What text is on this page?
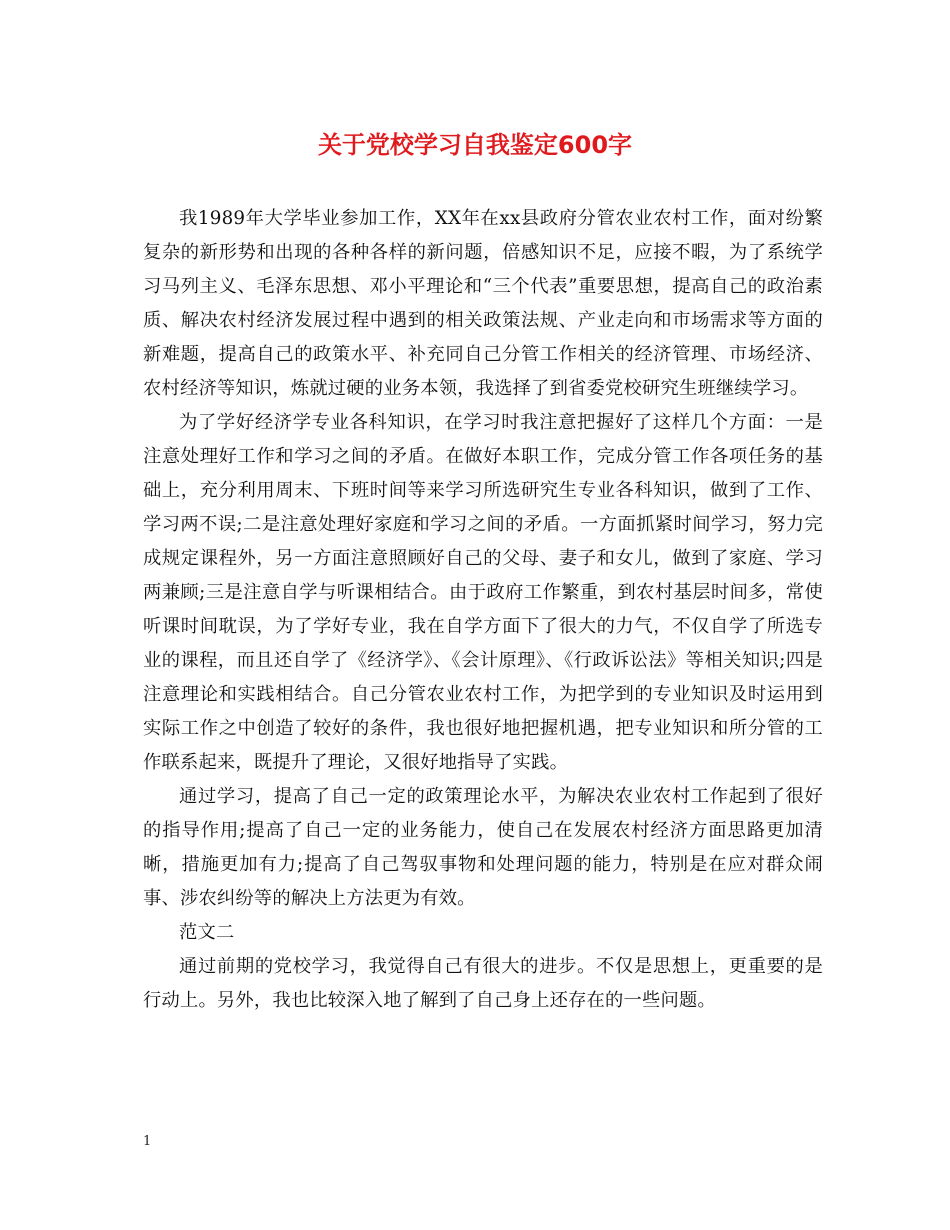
关于党校学习自我鉴定600字

我1989年大学毕业参加工作，XX年在xx县政府分管农业农村工作，面对纷繁复杂的新形势和出现的各种各样的新问题，倍感知识不足，应接不暇，为了系统学习马列主义、毛泽东思想、邓小平理论和“三个代表”重要思想，提高自己的政治素质、解决农村经济发展过程中遇到的相关政策法规、产业走向和市场需求等方面的新难题，提高自己的政策水平、补充同自己分管工作相关的经济管理、市场经济、农村经济等知识，炼就过硬的业务本领，我选择了到省委党校研究生班继续学习。

为了学好经济学专业各科知识，在学习时我注意把握好了这样几个方面：一是注意处理好工作和学习之间的矛盾。在做好本职工作，完成分管工作各项任务的基础上，充分利用周末、下班时间等来学习所选研究生专业各科知识，做到了工作、学习两不误;二是注意处理好家庭和学习之间的矛盾。一方面抓紧时间学习，努力完成规定课程外，另一方面注意照顾好自己的父母、妻子和女儿，做到了家庭、学习两兼顾;三是注意自学与听课相结合。由于政府工作繁重，到农村基层时间多，常使听课时间耽误，为了学好专业，我在自学方面下了很大的力气，不仅自学了所选专业的课程，而且还自学了《经济学》、《会计原理》、《行政诉讼法》等相关知识;四是注意理论和实践相结合。自己分管农业农村工作，为把学到的专业知识及时运用到实际工作之中创造了较好的条件，我也很好地把握机遇，把专业知识和所分管的工作联系起来，既提升了理论，又很好地指导了实践。

通过学习，提高了自己一定的政策理论水平，为解决农业农村工作起到了很好的指导作用;提高了自己一定的业务能力，使自己在发展农村经济方面思路更加清晰，措施更加有力;提高了自己驾驭事物和处理问题的能力，特别是在应对群众闹事、涉农纠纷等的解决上方法更为有效。

范文二

通过前期的党校学习，我觉得自己有很大的进步。不仅是思想上，更重要的是行动上。另外，我也比较深入地了解到了自己身上还存在的一些问题。

1
